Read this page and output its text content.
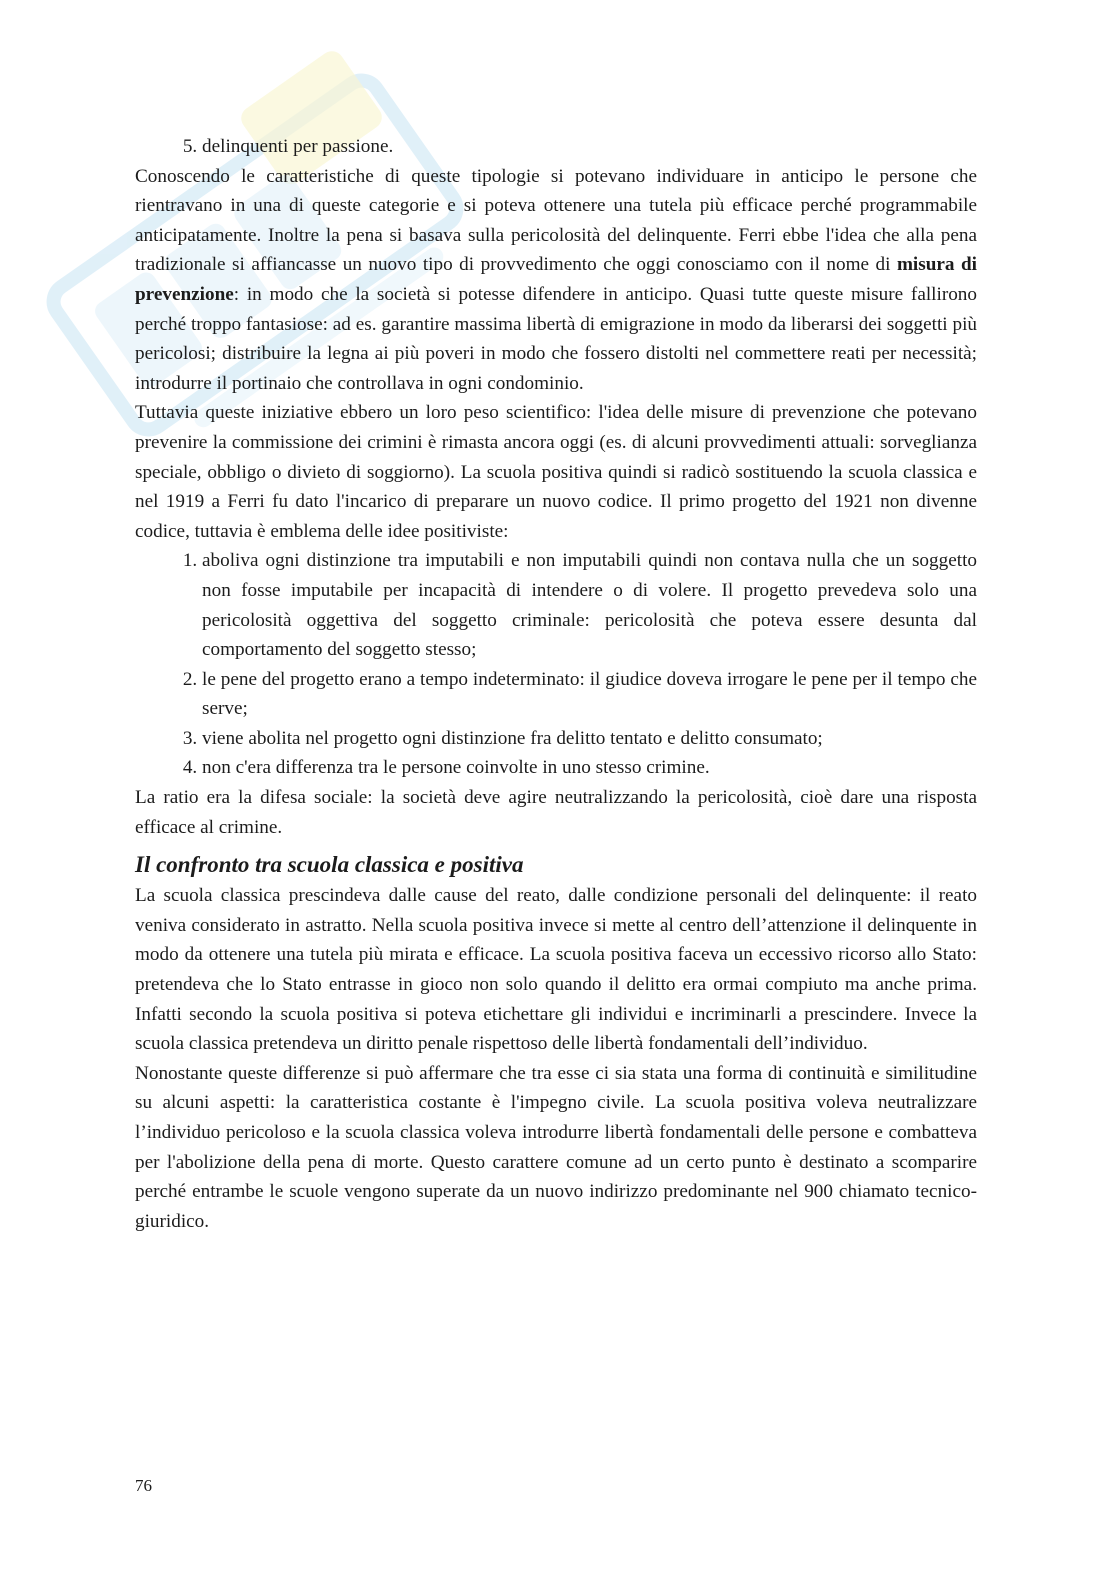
5. delinquenti per passione.

Conoscendo le caratteristiche di queste tipologie si potevano individuare in anticipo le persone che rientravano in una di queste categorie e si poteva ottenere una tutela più efficace perché programmabile anticipatamente. Inoltre la pena si basava sulla pericolosità del delinquente. Ferri ebbe l'idea che alla pena tradizionale si affiancasse un nuovo tipo di provvedimento che oggi conosciamo con il nome di misura di prevenzione: in modo che la società si potesse difendere in anticipo. Quasi tutte queste misure fallirono perché troppo fantasiose: ad es. garantire massima libertà di emigrazione in modo da liberarsi dei soggetti più pericolosi; distribuire la legna ai più poveri in modo che fossero distolti nel commettere reati per necessità; introdurre il portinaio che controllava in ogni condominio.

Tuttavia queste iniziative ebbero un loro peso scientifico: l'idea delle misure di prevenzione che potevano prevenire la commissione dei crimini è rimasta ancora oggi (es. di alcuni provvedimenti attuali: sorveglianza speciale, obbligo o divieto di soggiorno). La scuola positiva quindi si radicò sostituendo la scuola classica e nel 1919 a Ferri fu dato l'incarico di preparare un nuovo codice. Il primo progetto del 1921 non divenne codice, tuttavia è emblema delle idee positiviste:

1. aboliva ogni distinzione tra imputabili e non imputabili quindi non contava nulla che un soggetto non fosse imputabile per incapacità di intendere o di volere. Il progetto prevedeva solo una pericolosità oggettiva del soggetto criminale: pericolosità che poteva essere desunta dal comportamento del soggetto stesso;
2. le pene del progetto erano a tempo indeterminato: il giudice doveva irrogare le pene per il tempo che serve;
3. viene abolita nel progetto ogni distinzione fra delitto tentato e delitto consumato;
4. non c'era differenza tra le persone coinvolte in uno stesso crimine.

La ratio era la difesa sociale: la società deve agire neutralizzando la pericolosità, cioè dare una risposta efficace al crimine.

Il confronto tra scuola classica e positiva

La scuola classica prescindeva dalle cause del reato, dalle condizione personali del delinquente: il reato veniva considerato in astratto. Nella scuola positiva invece si mette al centro dell’attenzione il delinquente in modo da ottenere una tutela più mirata e efficace. La scuola positiva faceva un eccessivo ricorso allo Stato: pretendeva che lo Stato entrasse in gioco non solo quando il delitto era ormai compiuto ma anche prima. Infatti secondo la scuola positiva si poteva etichettare gli individui e incriminarli a prescindere. Invece la scuola classica pretendeva un diritto penale rispettoso delle libertà fondamentali dell’individuo.

Nonostante queste differenze si può affermare che tra esse ci sia stata una forma di continuità e similitudine su alcuni aspetti: la caratteristica costante è l'impegno civile. La scuola positiva voleva neutralizzare l’individuo pericoloso e la scuola classica voleva introdurre libertà fondamentali delle persone e combatteva per l'abolizione della pena di morte. Questo carattere comune ad un certo punto è destinato a scomparire perché entrambe le scuole vengono superate da un nuovo indirizzo predominante nel 900 chiamato tecnico-giuridico.

76
